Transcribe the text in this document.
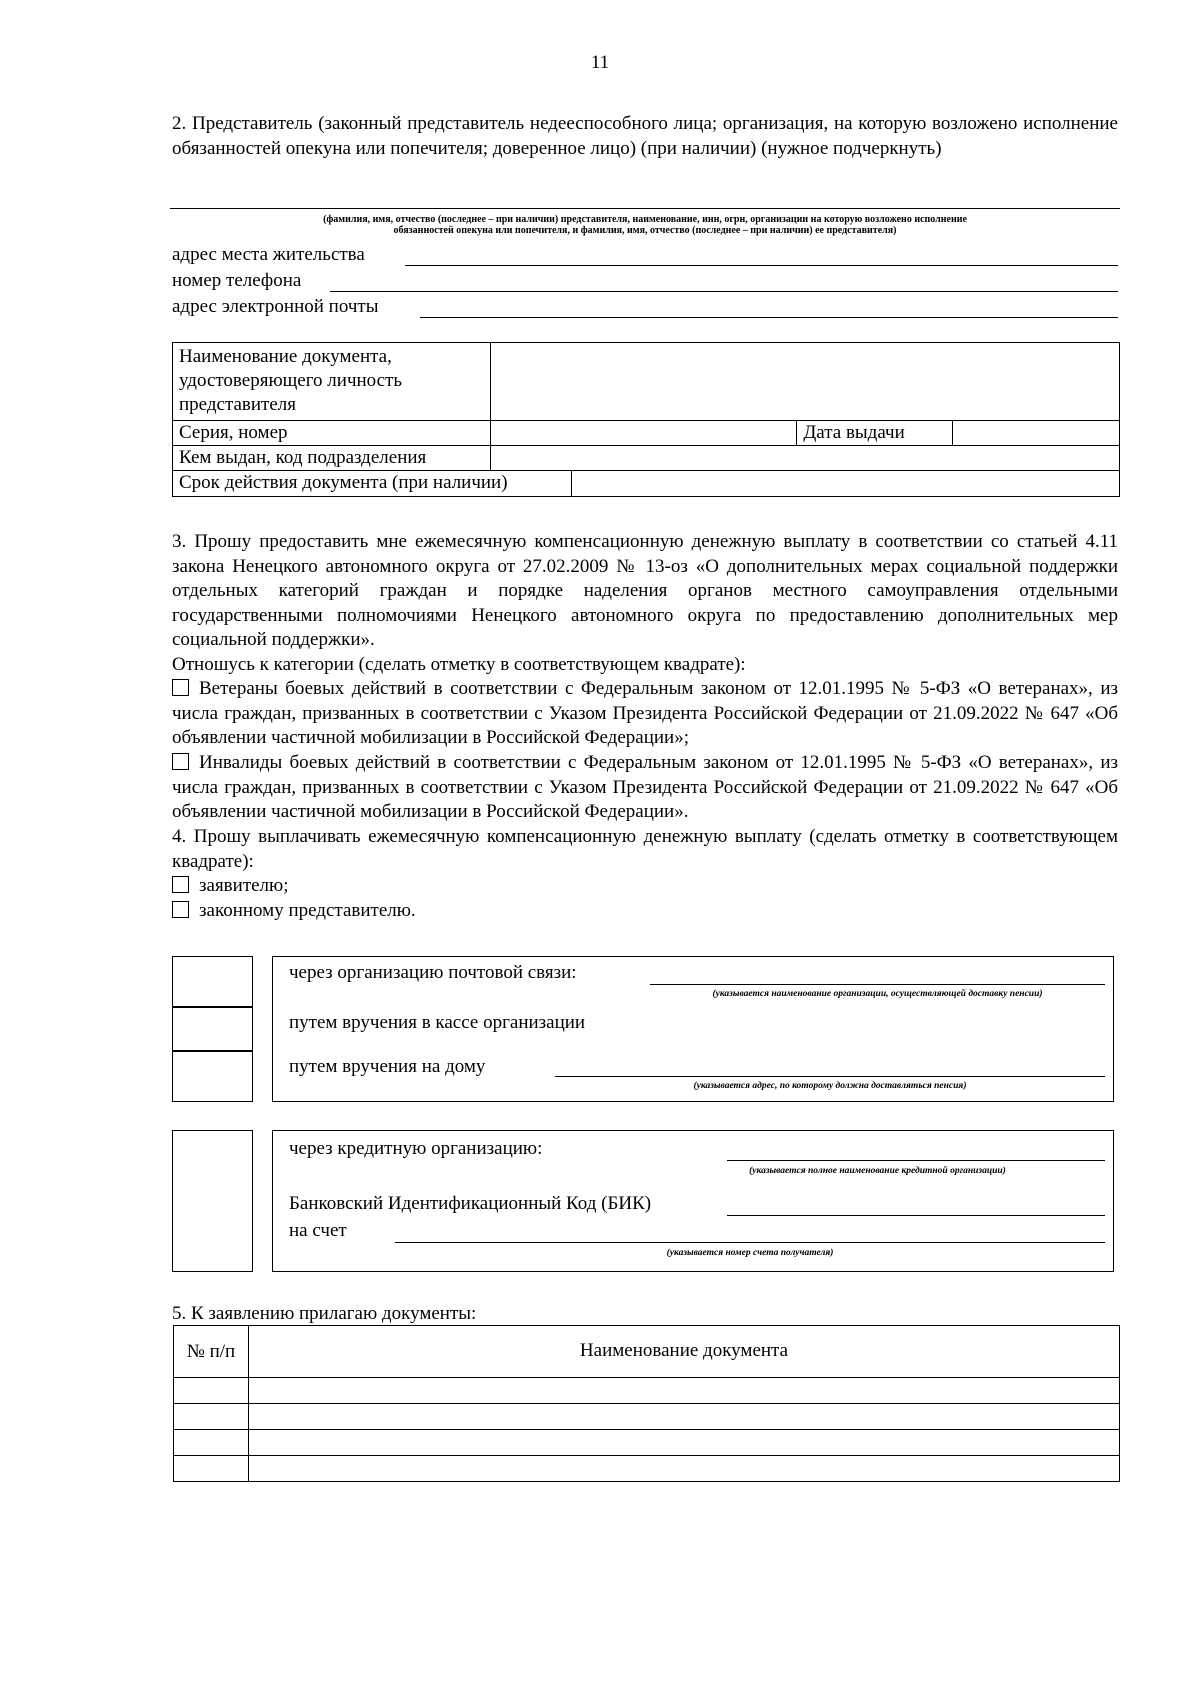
11
2. Представитель (законный представитель недееспособного лица; организация, на которую возложено исполнение обязанностей опекуна или попечителя; доверенное лицо) (при наличии) (нужное подчеркнуть)
(фамилия, имя, отчество (последнее – при наличии) представителя, наименование, инн, огрн, организации на которую возложено исполнение
обязанностей опекуна или попечителя, и фамилия, имя, отчество (последнее – при наличии) ее представителя)
адрес места жительства
номер телефона
адрес электронной почты
Наименование документа, удостоверяющего личность представителя				
Серия, номер			Дата выдачи	
Кем выдан, код подразделения				
Срок действия документа (при наличии)				
3. Прошу предоставить мне ежемесячную компенсационную денежную выплату в соответствии со статьей 4.11 закона Ненецкого автономного округа от 27.02.2009 № 13-оз «О дополнительных мерах социальной поддержки отдельных категорий граждан и порядке наделения органов местного самоуправления отдельными государственными полномочиями Ненецкого автономного округа по предоставлению дополнительных мер социальной поддержки».
Отношусь к категории (сделать отметку в соответствующем квадрате):
Ветераны боевых действий в соответствии с Федеральным законом от 12.01.1995 № 5-ФЗ «О ветеранах», из числа граждан, призванных в соответствии с Указом Президента Российской Федерации от 21.09.2022 № 647 «Об объявлении частичной мобилизации в Российской Федерации»;
Инвалиды боевых действий в соответствии с Федеральным законом от 12.01.1995 № 5-ФЗ «О ветеранах», из числа граждан, призванных в соответствии с Указом Президента Российской Федерации от 21.09.2022 № 647 «Об объявлении частичной мобилизации в Российской Федерации».
4. Прошу выплачивать ежемесячную компенсационную денежную выплату (сделать отметку в соответствующем квадрате):
заявителю;
законному представителю.
через организацию почтовой связи:
(указывается наименование организации, осуществляющей доставку пенсии)
путем вручения в кассе организации
путем вручения на дому
(указывается адрес, по которому должна доставляться пенсия)
через кредитную организацию:
(указывается полное наименование кредитной организации)
Банковский Идентификационный Код (БИК)
на счет
(указывается номер счета получателя)
5. К заявлению прилагаю документы:
№ п/п	Наименование документа
